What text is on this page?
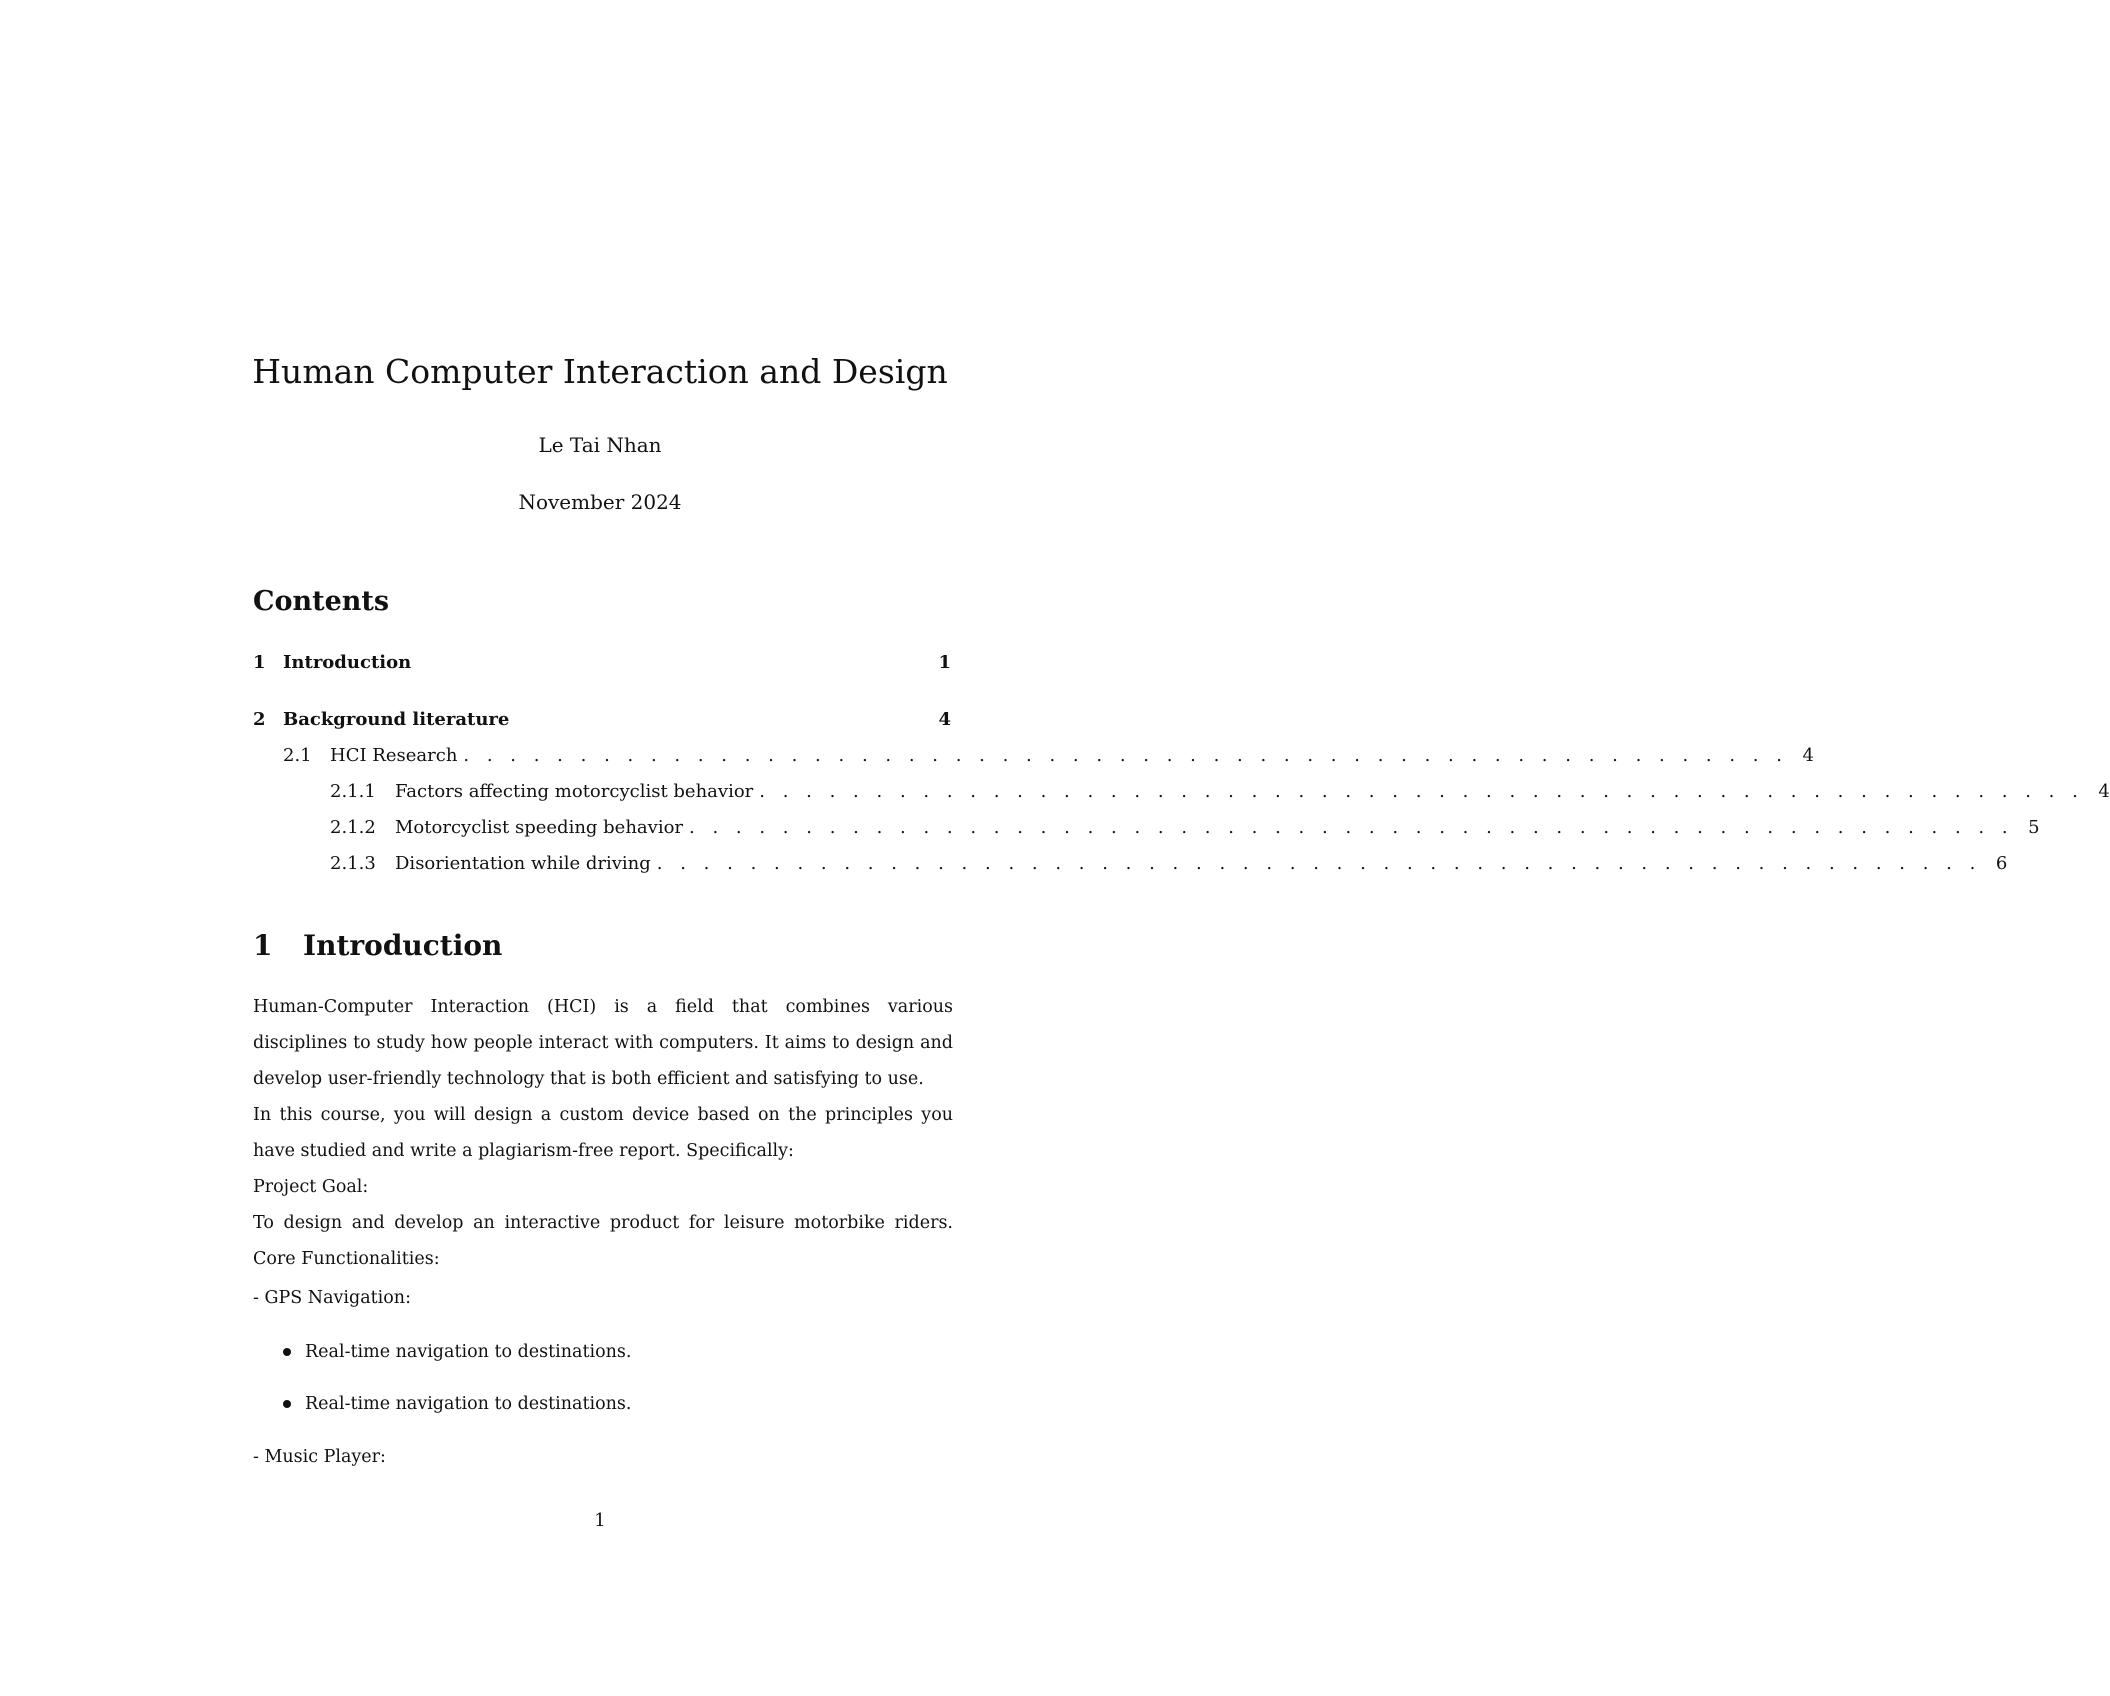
Human Computer Interaction and Design
Le Tai Nhan
November 2024
Contents
1 Introduction	1
2 Background literature	4
2.1	HCI Research . . . . . . . . . . . . . . . . . . . . . . . . . . . . . . . . . . . . . . . . . . . . . . . . . . . . . . . . . 4
2.1.1	Factors affecting motorcyclist behavior . . . . . . . . . . . . . . . . . . . . . . . . . . . . . . . . . . . . . . . . . . . . . . . . . . . . . . . . . 4
2.1.2	Motorcyclist speeding behavior . . . . . . . . . . . . . . . . . . . . . . . . . . . . . . . . . . . . . . . . . . . . . . . . . . . . . . . . . 5
2.1.3	Disorientation while driving . . . . . . . . . . . . . . . . . . . . . . . . . . . . . . . . . . . . . . . . . . . . . . . . . . . . . . . . . 6
1 Introduction

Human-Computer Interaction (HCI) is a field that combines various disciplines to study how people interact with computers. It aims to design and develop user-friendly technology that is both efficient and satisfying to use.

In this course, you will design a custom device based on the principles you have studied and write a plagiarism-free report. Specifically:

Project Goal:

To design and develop an interactive product for leisure motorbike riders. Core Functionalities:

- GPS Navigation:
Real-time navigation to destinations.
Real-time navigation to destinations.
- Music Player:
1
